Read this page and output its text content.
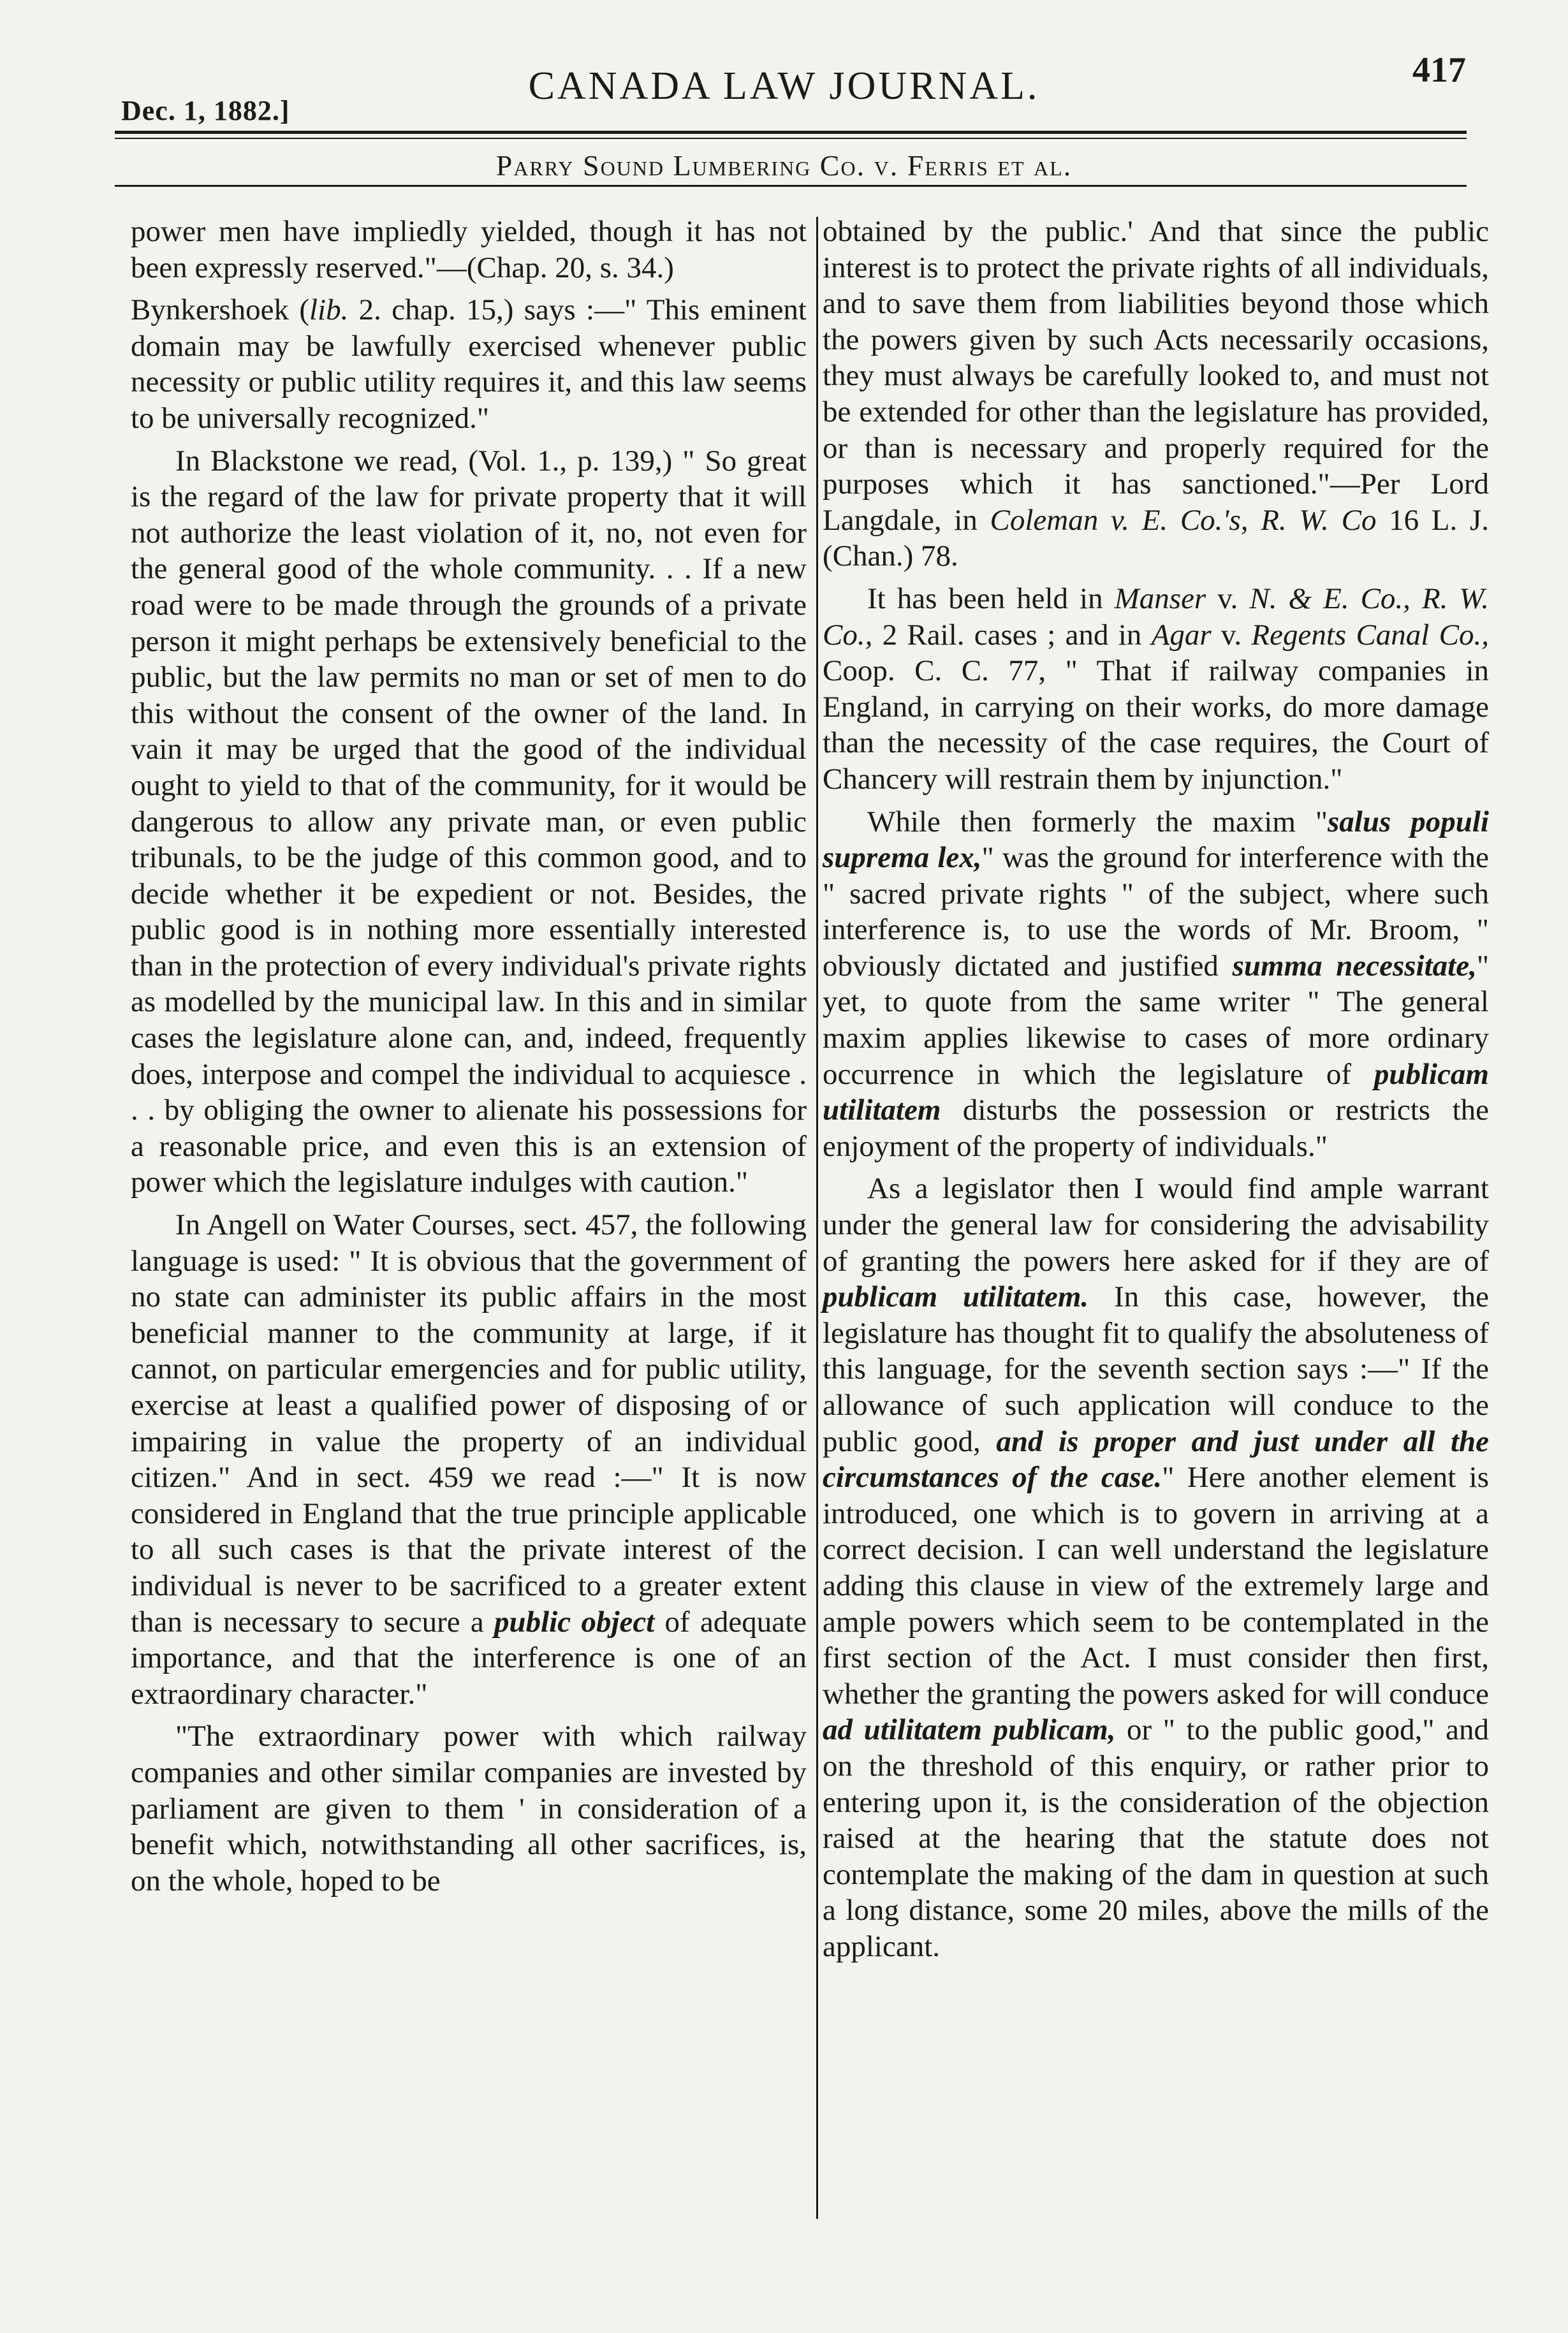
Dec. 1, 1882.]
CANADA LAW JOURNAL.	417
Parry Sound Lumbering Co. v. Ferris et al.

power men have impliedly yielded, though it has not been expressly reserved."—(Chap. 20, s. 34.)

Bynkershoek (lib. 2. chap. 15,) says :—" This eminent domain may be lawfully exercised whenever public necessity or public utility requires it, and this law seems to be universally recognized."

In Blackstone we read, (Vol. 1., p. 139,) " So great is the regard of the law for private property that it will not authorize the least violation of it, no, not even for the general good of the whole community. . . If a new road were to be made through the grounds of a private person it might perhaps be extensively beneficial to the public, but the law permits no man or set of men to do this without the consent of the owner of the land. In vain it may be urged that the good of the individual ought to yield to that of the community, for it would be dangerous to allow any private man, or even public tribunals, to be the judge of this common good, and to decide whether it be expedient or not. Besides, the public good is in nothing more essentially interested than in the protection of every individual's private rights as modelled by the municipal law. In this and in similar cases the legislature alone can, and, indeed, frequently does, interpose and compel the individual to acquiesce . . . by obliging the owner to alienate his possessions for a reasonable price, and even this is an extension of power which the legislature indulges with caution."

In Angell on Water Courses, sect. 457, the following language is used: " It is obvious that the government of no state can administer its public affairs in the most beneficial manner to the community at large, if it cannot, on particular emergencies and for public utility, exercise at least a qualified power of disposing of or impairing in value the property of an individual citizen." And in sect. 459 we read :—" It is now considered in England that the true principle applicable to all such cases is that the private interest of the individual is never to be sacrificed to a greater extent than is necessary to secure a public object of adequate importance, and that the interference is one of an extraordinary character."

"The extraordinary power with which railway companies and other similar companies are invested by parliament are given to them ' in consideration of a benefit which, notwithstanding all other sacrifices, is, on the whole, hoped to be

obtained by the public.' And that since the public interest is to protect the private rights of all individuals, and to save them from liabilities beyond those which the powers given by such Acts necessarily occasions, they must always be carefully looked to, and must not be extended for other than the legislature has provided, or than is necessary and properly required for the purposes which it has sanctioned."—Per Lord Langdale, in Coleman v. E. Co.'s, R. W. Co 16 L. J. (Chan.) 78.

It has been held in Manser v. N. & E. Co., R. W. Co., 2 Rail. cases ; and in Agar v. Regents Canal Co., Coop. C. C. 77, " That if railway companies in England, in carrying on their works, do more damage than the necessity of the case requires, the Court of Chancery will restrain them by injunction."

While then formerly the maxim "salus populi suprema lex," was the ground for interference with the " sacred private rights " of the subject, where such interference is, to use the words of Mr. Broom, " obviously dictated and justified summa necessitate," yet, to quote from the same writer " The general maxim applies likewise to cases of more ordinary occurrence in which the legislature of publicam utilitatem disturbs the possession or restricts the enjoyment of the property of individuals."

As a legislator then I would find ample warrant under the general law for considering the advisability of granting the powers here asked for if they are of publicam utilitatem. In this case, however, the legislature has thought fit to qualify the absoluteness of this language, for the seventh section says :—" If the allowance of such application will conduce to the public good, and is proper and just under all the circumstances of the case." Here another element is introduced, one which is to govern in arriving at a correct decision. I can well understand the legislature adding this clause in view of the extremely large and ample powers which seem to be contemplated in the first section of the Act. I must consider then first, whether the granting the powers asked for will conduce ad utilitatem publicam, or " to the public good," and on the threshold of this enquiry, or rather prior to entering upon it, is the consideration of the objection raised at the hearing that the statute does not contemplate the making of the dam in question at such a long distance, some 20 miles, above the mills of the applicant.
